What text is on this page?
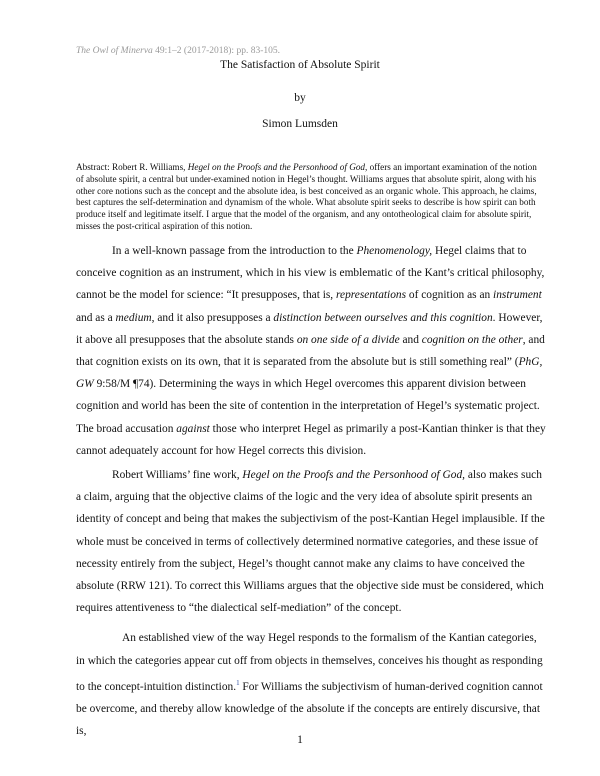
The Owl of Minerva 49:1–2 (2017-2018): pp. 83-105.
The Satisfaction of Absolute Spirit
by
Simon Lumsden
Abstract: Robert R. Williams, Hegel on the Proofs and the Personhood of God, offers an important examination of the notion of absolute spirit, a central but under-examined notion in Hegel’s thought. Williams argues that absolute spirit, along with his other core notions such as the concept and the absolute idea, is best conceived as an organic whole. This approach, he claims, best captures the self-determination and dynamism of the whole. What absolute spirit seeks to describe is how spirit can both produce itself and legitimate itself. I argue that the model of the organism, and any ontotheological claim for absolute spirit, misses the post-critical aspiration of this notion.

In a well-known passage from the introduction to the Phenomenology, Hegel claims that to conceive cognition as an instrument, which in his view is emblematic of the Kant’s critical philosophy, cannot be the model for science: “It presupposes, that is, representations of cognition as an instrument and as a medium, and it also presupposes a distinction between ourselves and this cognition. However, it above all presupposes that the absolute stands on one side of a divide and cognition on the other, and that cognition exists on its own, that it is separated from the absolute but is still something real” (PhG, GW 9:58/M ¶74). Determining the ways in which Hegel overcomes this apparent division between cognition and world has been the site of contention in the interpretation of Hegel’s systematic project. The broad accusation against those who interpret Hegel as primarily a post-Kantian thinker is that they cannot adequately account for how Hegel corrects this division.

Robert Williams’ fine work, Hegel on the Proofs and the Personhood of God, also makes such a claim, arguing that the objective claims of the logic and the very idea of absolute spirit presents an identity of concept and being that makes the subjectivism of the post-Kantian Hegel implausible. If the whole must be conceived in terms of collectively determined normative categories, and these issue of necessity entirely from the subject, Hegel’s thought cannot make any claims to have conceived the absolute (RRW 121). To correct this Williams argues that the objective side must be considered, which requires attentiveness to “the dialectical self-mediation” of the concept.

An established view of the way Hegel responds to the formalism of the Kantian categories, in which the categories appear cut off from objects in themselves, conceives his thought as responding to the concept-intuition distinction.$^1$ For Williams the subjectivism of human-derived cognition cannot be overcome, and thereby allow knowledge of the absolute if the concepts are entirely discursive, that is,

1
